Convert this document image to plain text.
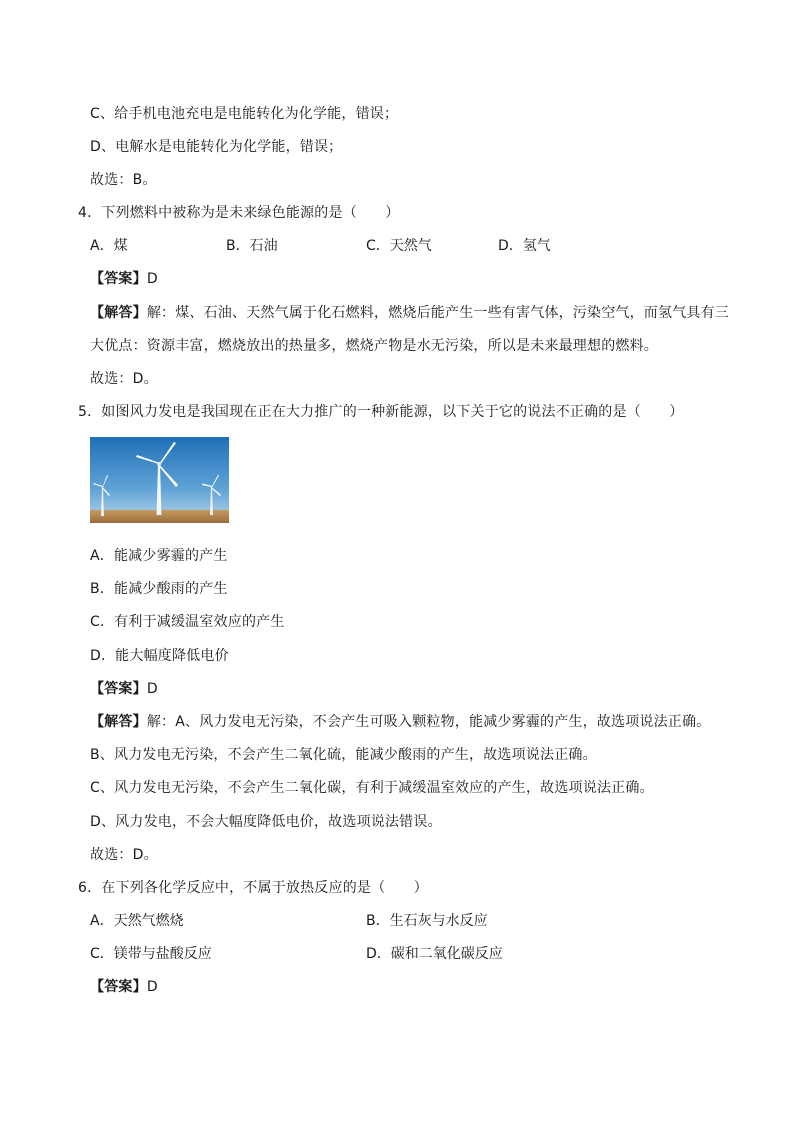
C、给手机电池充电是电能转化为化学能，错误；
D、电解水是电能转化为化学能，错误；
故选：B。
4．下列燃料中被称为是未来绿色能源的是（　　）
A．煤	B．石油	C．天然气	D．氢气
【答案】D
【解答】解：煤、石油、天然气属于化石燃料，燃烧后能产生一些有害气体，污染空气，而氢气具有三
大优点：资源丰富，燃烧放出的热量多，燃烧产物是水无污染，所以是未来最理想的燃料。
故选：D。
5．如图风力发电是我国现在正在大力推广的一种新能源，以下关于它的说法不正确的是（　　）
A．能减少雾霾的产生
B．能减少酸雨的产生
C．有利于减缓温室效应的产生
D．能大幅度降低电价
【答案】D
【解答】解：A、风力发电无污染，不会产生可吸入颗粒物，能减少雾霾的产生，故选项说法正确。
B、风力发电无污染，不会产生二氧化硫，能减少酸雨的产生，故选项说法正确。
C、风力发电无污染，不会产生二氧化碳，有利于减缓温室效应的产生，故选项说法正确。
D、风力发电，不会大幅度降低电价，故选项说法错误。
故选：D。
6．在下列各化学反应中，不属于放热反应的是（　　）
A．天然气燃烧	B．生石灰与水反应
C．镁带与盐酸反应	D．碳和二氧化碳反应
【答案】D
